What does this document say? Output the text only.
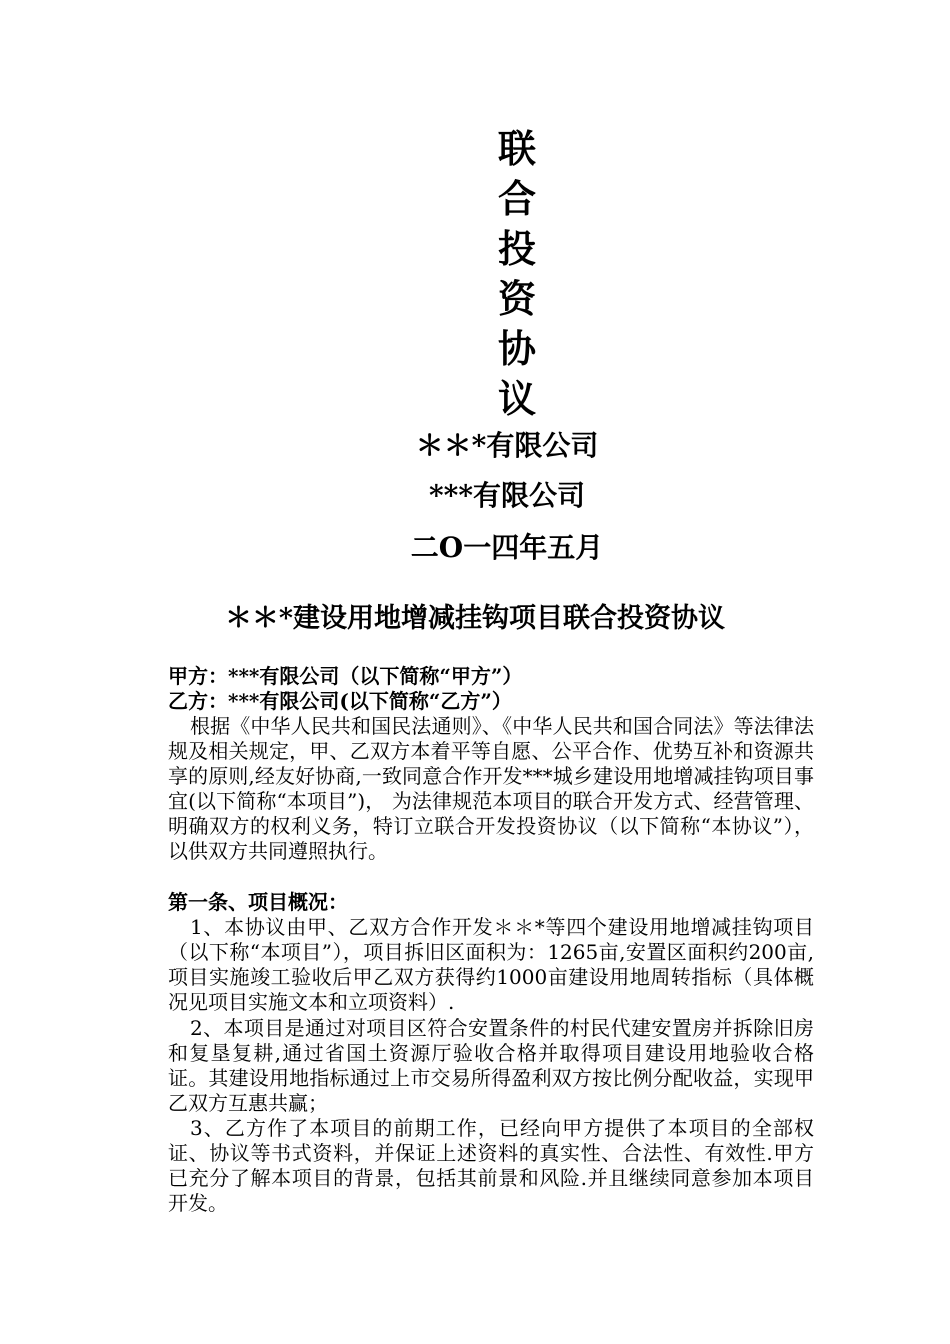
联
合
投
资
协
议
＊＊*有限公司
***有限公司
二O一四年五月
＊＊*建设用地增减挂钩项目联合投资协议
甲方：***有限公司（以下简称“甲方”）
乙方：***有限公司(以下简称“乙方”）

根据《中华人民共和国民法通则》、《中华人民共和国合同法》等法律法规及相关规定，甲、乙双方本着平等自愿、公平合作、优势互补和资源共享的原则,经友好协商,一致同意合作开发***城乡建设用地增减挂钩项目事宜(以下简称“本项目”)， 为法律规范本项目的联合开发方式、经营管理、明确双方的权利义务，特订立联合开发投资协议（以下简称“本协议”），以供双方共同遵照执行。

第一条、项目概况：

1、本协议由甲、乙双方合作开发＊＊*等四个建设用地增减挂钩项目（以下称“本项目”），项目拆旧区面积为：1265亩,安置区面积约200亩,项目实施竣工验收后甲乙双方获得约1000亩建设用地周转指标（具体概况见项目实施文本和立项资料）.

2、本项目是通过对项目区符合安置条件的村民代建安置房并拆除旧房和复垦复耕,通过省国土资源厅验收合格并取得项目建设用地验收合格证。其建设用地指标通过上市交易所得盈利双方按比例分配收益，实现甲乙双方互惠共赢；

3、乙方作了本项目的前期工作，已经向甲方提供了本项目的全部权证、协议等书式资料，并保证上述资料的真实性、合法性、有效性.甲方已充分了解本项目的背景，包括其前景和风险.并且继续同意参加本项目开发。
